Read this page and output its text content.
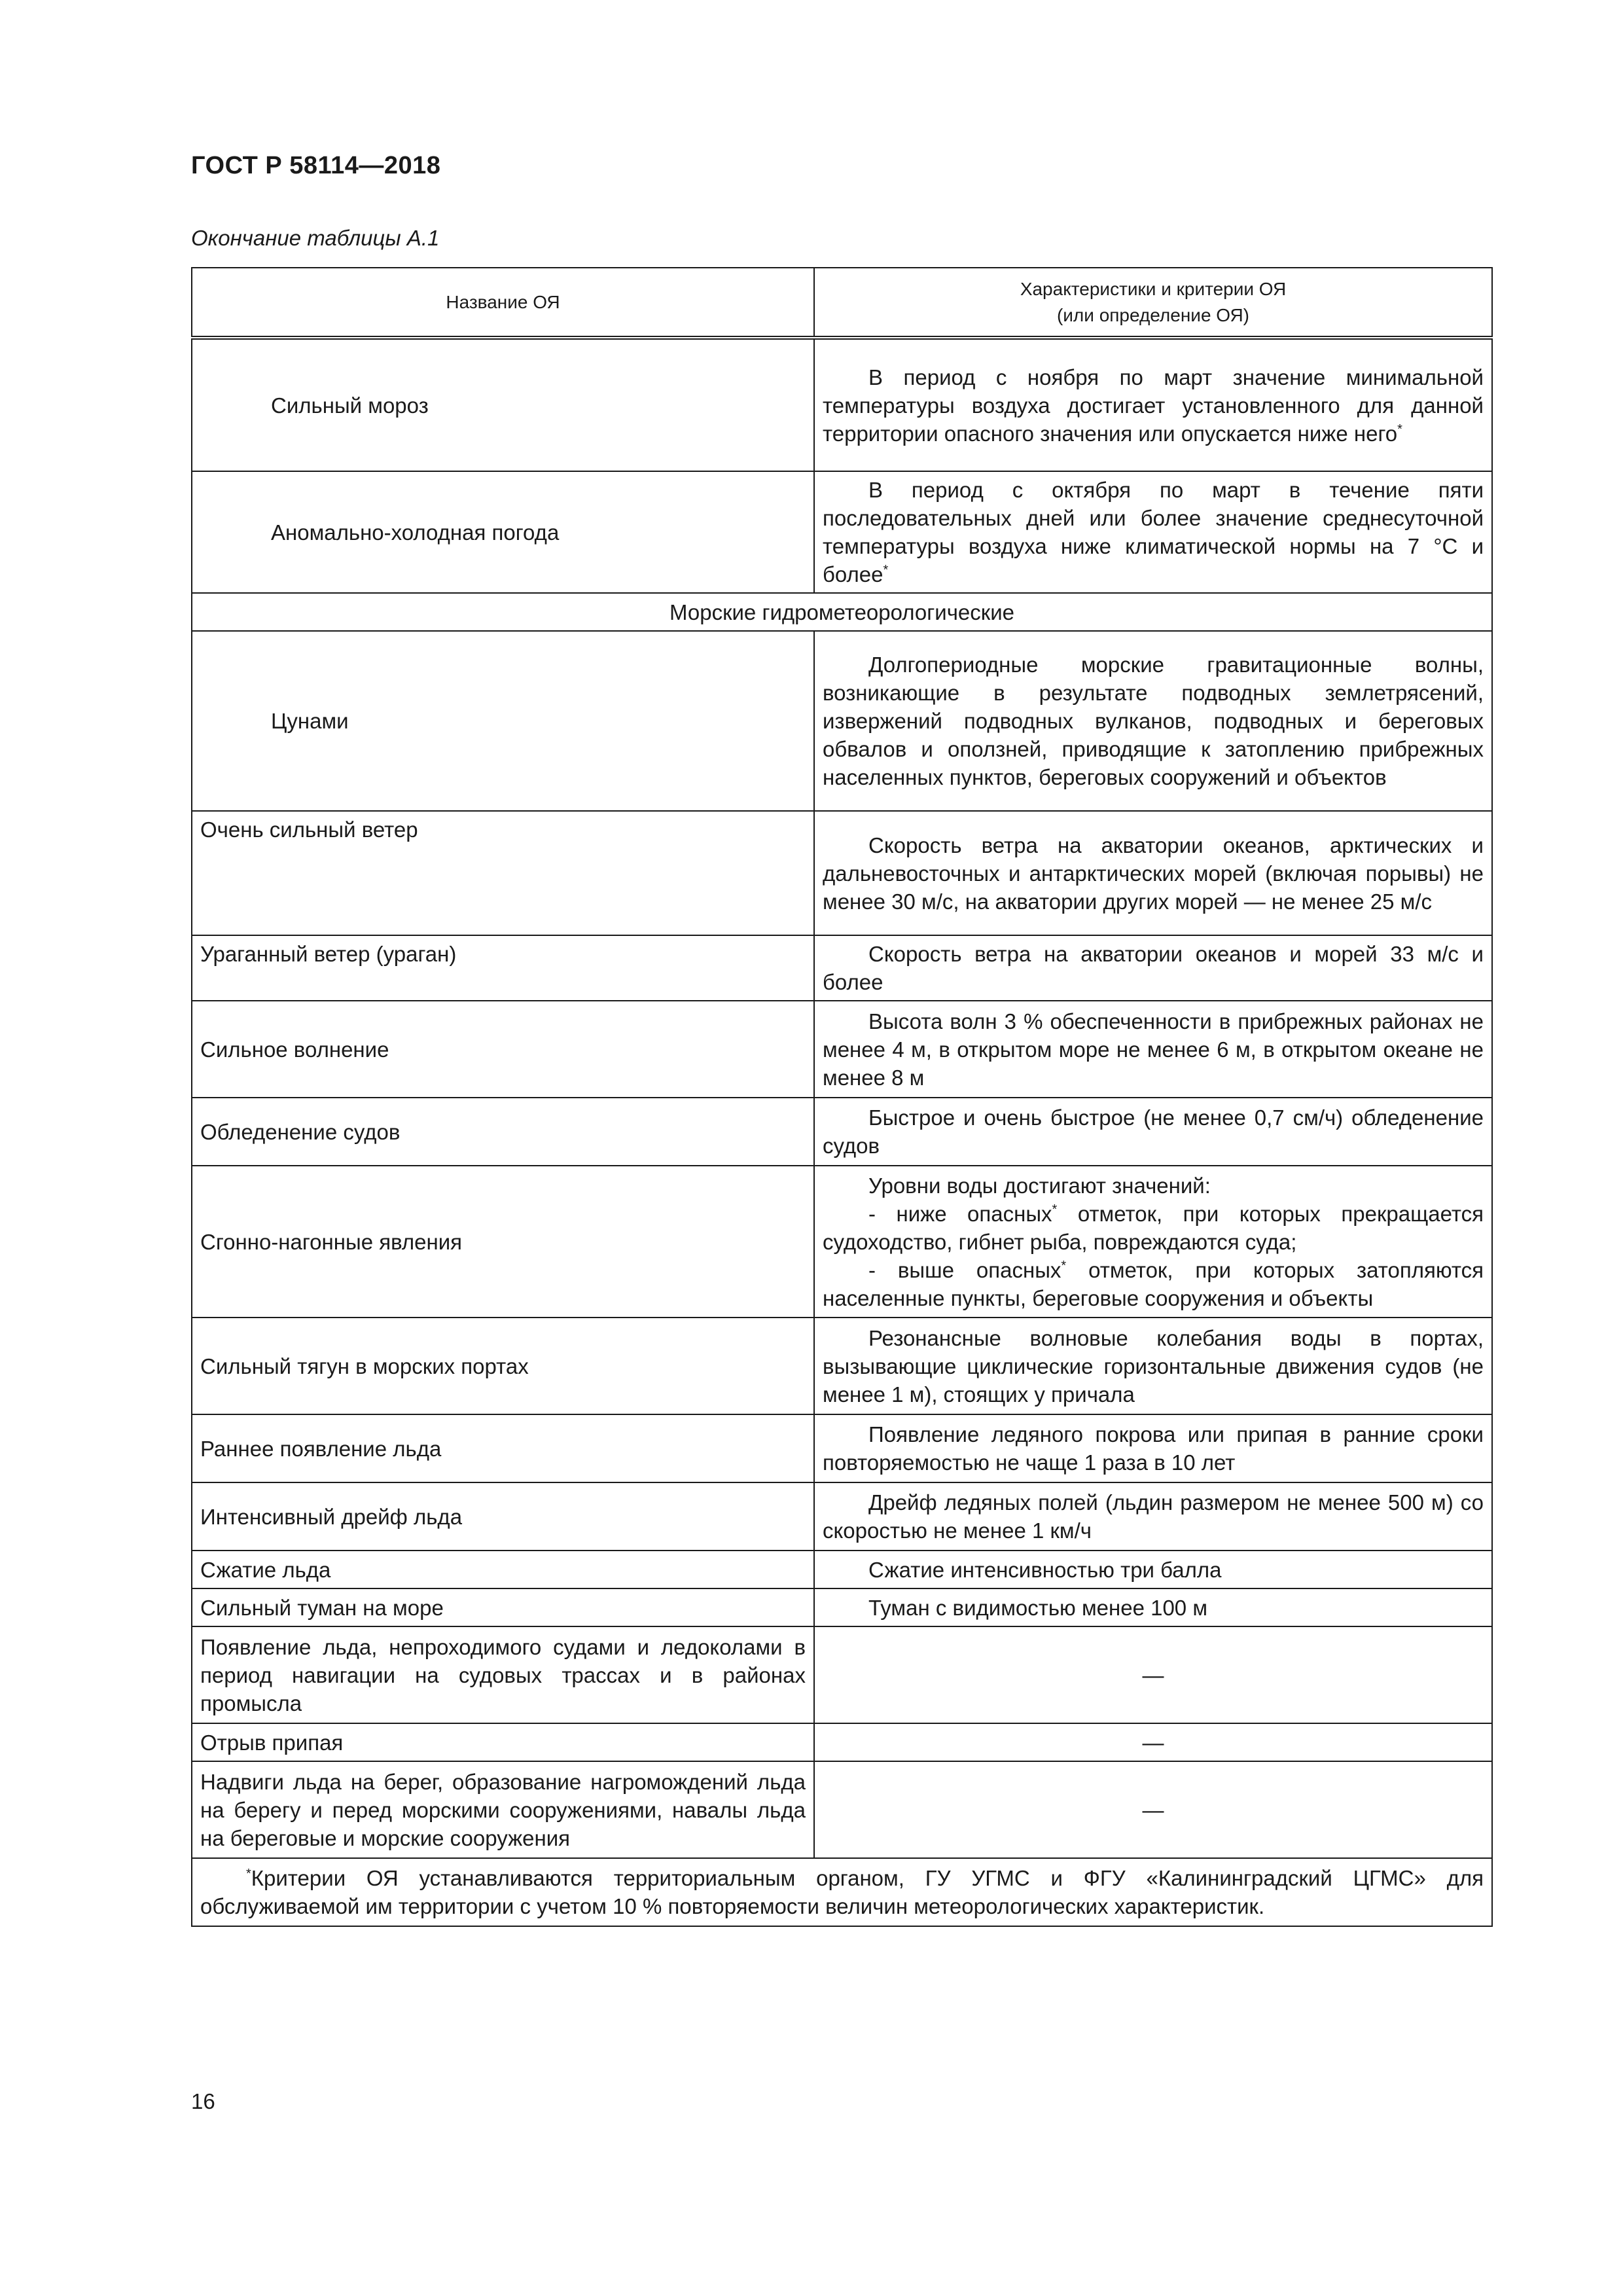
ГОСТ Р 58114—2018
Окончание таблицы А.1
Название ОЯ	Характеристики и критерии ОЯ
(или определение ОЯ)

Сильный мороз	В период с ноября по март значение минимальной температуры воздуха достигает установленного для данной территории опасного значения или опускается ниже него*

Аномально-холодная погода	В период с октября по март в течение пяти последовательных дней или более значение среднесуточной температуры воздуха ниже климатической нормы на 7 °С и более*

Морские гидрометеорологические	
Цунами	Долгопериодные морские гравитационные волны, возникающие в результате подводных землетрясений, извержений подводных вулканов, подводных и береговых обвалов и оползней, приводящие к затоплению прибрежных населенных пунктов, береговых сооружений и объектов

Очень сильный ветер	Скорость ветра на акватории океанов, арктических и дальневосточных и антарктических морей (включая порывы) не менее 30 м/с, на акватории других морей — не менее 25 м/с

Ураганный ветер (ураган)	Скорость ветра на акватории океанов и морей 33 м/с и более

Сильное волнение	Высота волн 3 % обеспеченности в прибрежных районах не менее 4 м, в открытом море не менее 6 м, в открытом океане не менее 8 м

Обледенение судов	Быстрое и очень быстрое (не менее 0,7 см/ч) обледенение судов

Сгонно-нагонные явления	Уровни воды достигают значений:
- ниже опасных* отметок, при которых прекращается судоходство, гибнет рыба, повреждаются суда;
- выше опасных* отметок, при которых затопляются населенные пункты, береговые сооружения и объекты

Сильный тягун в морских портах	Резонансные волновые колебания воды в портах, вызывающие циклические горизонтальные движения судов (не менее 1 м), стоящих у причала

Раннее появление льда	Появление ледяного покрова или припая в ранние сроки повторяемостью не чаще 1 раза в 10 лет

Интенсивный дрейф льда	Дрейф ледяных полей (льдин размером не менее 500 м) со скоростью не менее 1 км/ч

Сжатие льда	Сжатие интенсивностью три балла

Сильный туман на море	Туман с видимостью менее 100 м

Появление льда, непроходимого судами и ледоколами в период навигации на судовых трассах и в районах промысла	—
Отрыв припая	—
Надвиги льда на берег, образование нагромождений льда на берегу и перед морскими сооружениями, навалы льда на береговые и морские сооружения	—

*Критерии ОЯ устанавливаются территориальным органом, ГУ УГМС и ФГУ «Калининградский ЦГМС» для обслуживаемой им территории с учетом 10 % повторяемости величин метеорологических характеристик.	
16
